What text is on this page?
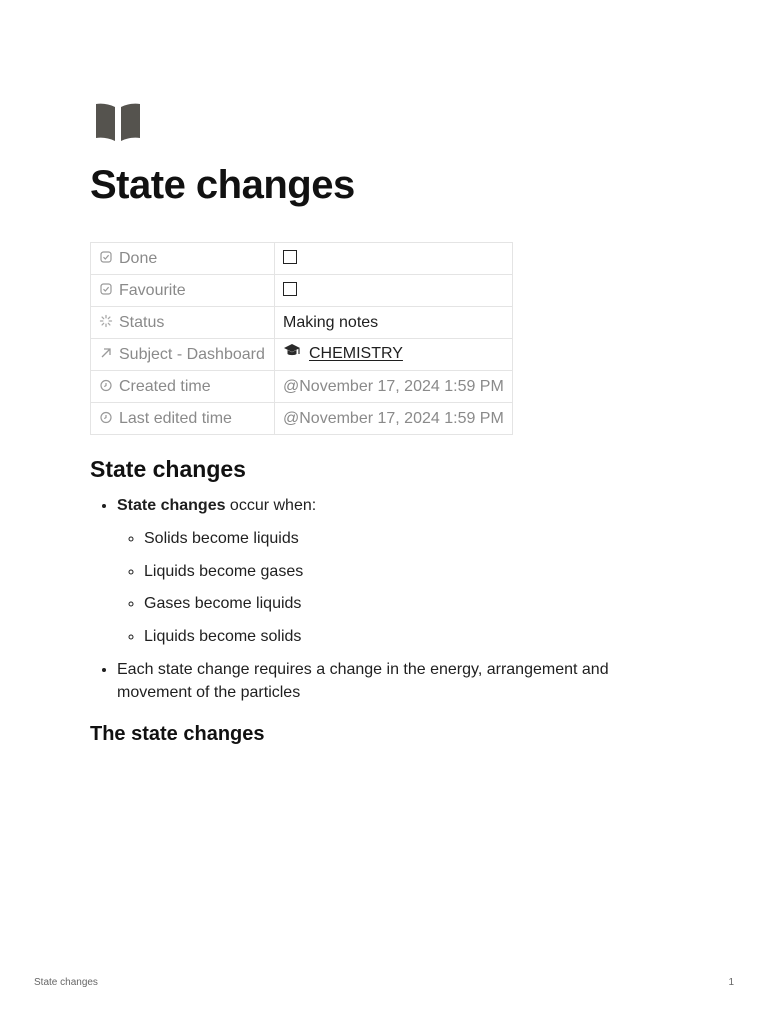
State changes
Done	

Favourite	

Status	Making notes

Subject - Dashboard	CHEMISTRY

Created time	@November 17, 2024 1:59 PM

Last edited time	@November 17, 2024 1:59 PM
State changes
• State changes occur when:
◦ Solids become liquids
◦ Liquids become gases
◦ Gases become liquids
◦ Liquids become solids
• Each state change requires a change in the energy, arrangement and movement of the particles
The state changes
State changes	1
